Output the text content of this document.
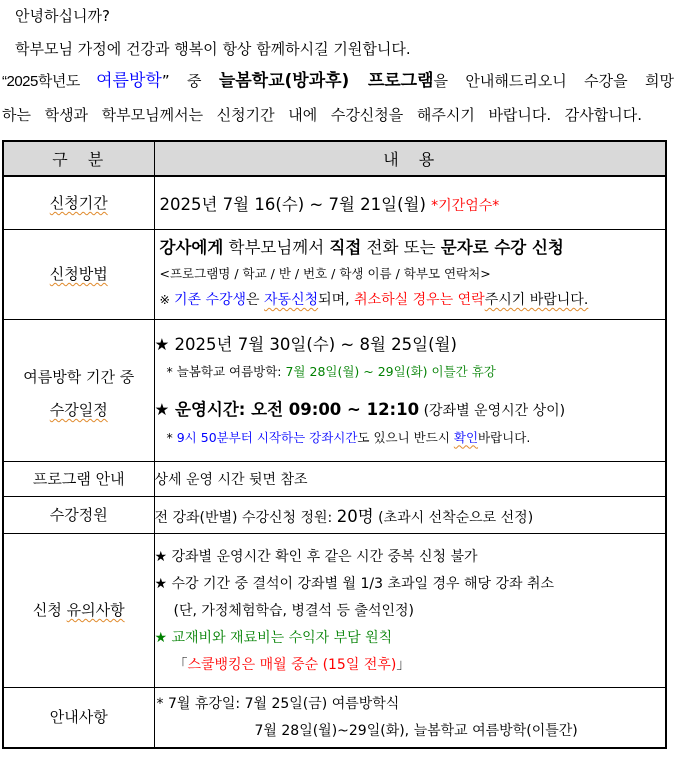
안녕하십니까?
학부모님 가정에 건강과 행복이 항상 함께하시길 기원합니다.
“2025학년도 여름방학” 중 늘봄학교(방과후) 프로그램을 안내해드리오니 수강을 희망
하는 학생과 학부모님께서는 신청기간 내에 수강신청을 해주시기 바랍니다. 감사합니다.
구　분	내　용
신청기간	2025년 7월 16(수) ~ 7월 21일(월) *기간엄수*

신청방법	강사에게 학부모님께서 직접 전화 또는 문자로 수강 신청
<프로그램명 / 학교 / 반 / 번호 / 학생 이름 / 학부모 연락처>
※ 기존 수강생은 자동신청되며, 취소하실 경우는 연락주시기 바랍니다.

여름방학 기간 중
수강일정	★ 2025년 7월 30일(수) ~ 8월 25일(월)
* 늘봄학교 여름방학: 7월 28일(월) ~ 29일(화) 이틀간 휴강
★ 운영시간: 오전 09:00 ~ 12:10 (강좌별 운영시간 상이)
* 9시 50분부터 시작하는 강좌시간도 있으니 반드시 확인바랍니다.

프로그램 안내	상세 운영 시간 뒷면 참조

수강정원	전 강좌(반별) 수강신청 정원: 20명 (초과시 선착순으로 선정)

신청 유의사항	★ 강좌별 운영시간 확인 후 같은 시간 중복 신청 불가
★ 수강 기간 중 결석이 강좌별 월 1/3 초과일 경우 해당 강좌 취소
(단, 가정체험학습, 병결석 등 출석인정)
★ 교재비와 재료비는 수익자 부담 원칙
「스쿨뱅킹은 매월 중순 (15일 전후)」

안내사항	* 7월 휴강일: 7월 25일(금) 여름방학식
7월 28일(월)~29일(화), 늘봄학교 여름방학(이틀간)
